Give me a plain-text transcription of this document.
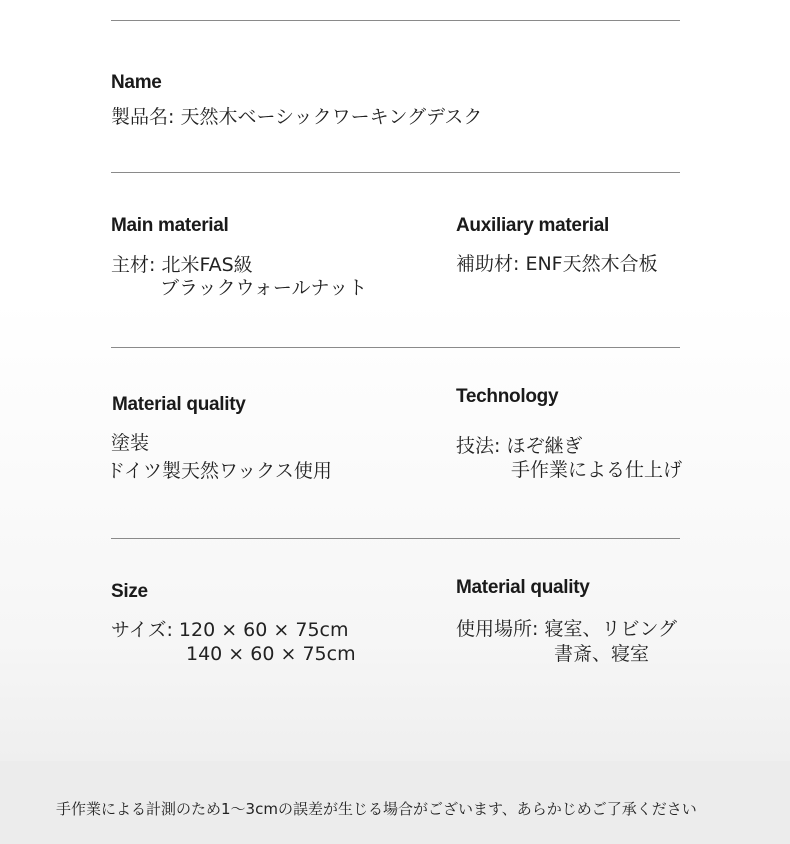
Name
製品名: 天然木ベーシックワーキングデスク
Main material
主材: 北米FAS級
ブラックウォールナット
Auxiliary material
補助材: ENF天然木合板
Material quality
塗装
ドイツ製天然ワックス使用
Technology
技法: ほぞ継ぎ
手作業による仕上げ
Size
サイズ: 120 × 60 × 75cm
140 × 60 × 75cm
Material quality
使用場所: 寝室、リビング
書斎、寝室
手作業による計測のため1～3cmの誤差が生じる場合がございます、あらかじめご了承ください
